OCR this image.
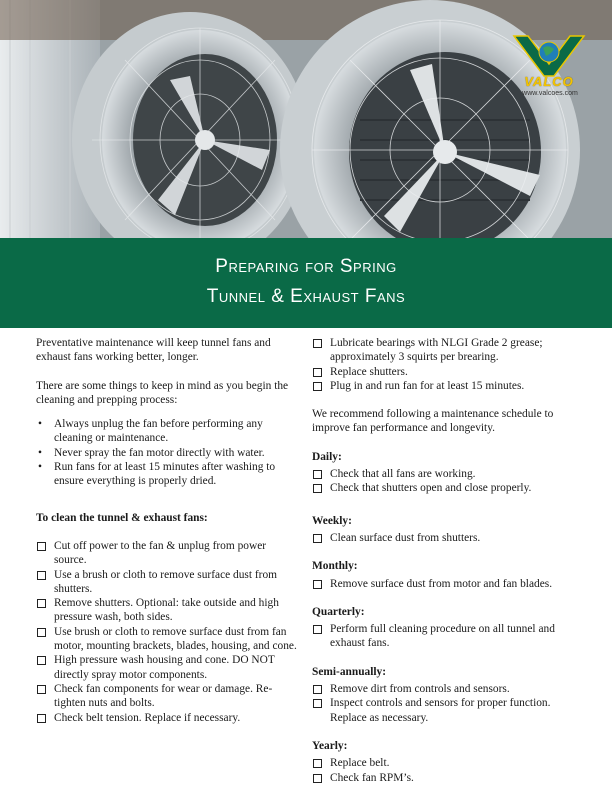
VALCO
www.valcoes.com
Preparing for Spring
Tunnel & Exhaust Fans

Preventative maintenance will keep tunnel fans and exhaust fans working better, longer.

There are some things to keep in mind as you begin the cleaning and prepping process:

• Always unplug the fan before performing any cleaning or maintenance.
• Never spray the fan motor directly with water.
• Run fans for at least 15 minutes after washing to ensure everything is properly dried.

To clean the tunnel & exhaust fans:

Cut off power to the fan & unplug from power source.
Use a brush or cloth to remove surface dust from shutters.
Remove shutters. Optional: take outside and high pressure wash, both sides.
Use brush or cloth to remove surface dust from fan motor, mounting brackets, blades, housing, and cone.
High pressure wash housing and cone. DO NOT directly spray motor components.
Check fan components for wear or damage. Re-tighten nuts and bolts.
Check belt tension. Replace if necessary.
Lubricate bearings with NLGI Grade 2 grease; approximately 3 squirts per brearing.
Replace shutters.
Plug in and run fan for at least 15 minutes.

We recommend following a maintenance schedule to improve fan performance and longevity.

Daily:
Check that all fans are working.
Check that shutters open and close properly.
Weekly:
Clean surface dust from shutters.
Monthly:
Remove surface dust from motor and fan blades.
Quarterly:
Perform full cleaning procedure on all tunnel and exhaust fans.
Semi-annually:
Remove dirt from controls and sensors.
Inspect controls and sensors for proper function. Replace as necessary.
Yearly:
Replace belt.
Check fan RPM’s.
